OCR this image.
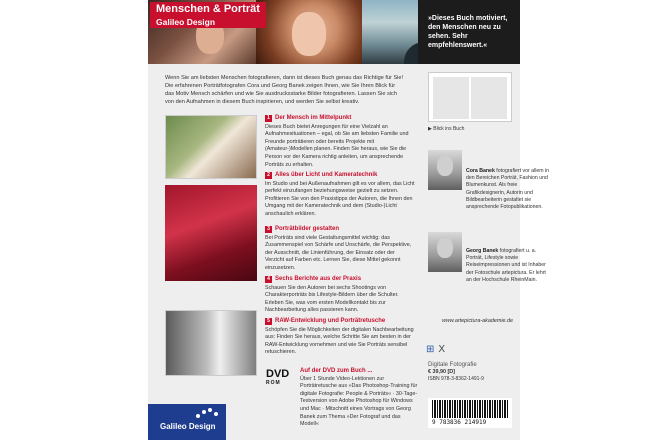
Menschen & Porträt
Galileo Design	»Dieses Buch motiviert, den Menschen neu zu sehen. Sehr empfehlenswert.«	fotoforum
Wenn Sie am liebsten Menschen fotografieren, dann ist dieses Buch genau das Richtige für Sie! Die erfahrenen Porträtfotografen Cora und Georg Banek zeigen Ihnen, wie Sie Ihren Blick für das Motiv Mensch schärfen und wie Sie ausdrucksstarke Bilder fotografieren. Lassen Sie sich von den Aufnahmen in diesem Buch inspirieren, und werden Sie selbst kreativ.
1 Der Mensch im Mittelpunkt
Dieses Buch bietet Anregungen für eine Vielzahl an Aufnahmesituationen – egal, ob Sie am liebsten Familie und Freunde porträtieren oder bereits Projekte mit (Amateur-)Modellen planen. Finden Sie heraus, wie Sie die Person vor der Kamera richtig anleiten, um ansprechende Porträts zu erhalten.
2 Alles über Licht und Kameratechnik
Im Studio und bei Außenaufnahmen gilt es vor allem, das Licht perfekt einzufangen beziehungsweise gezielt zu setzen. Profitieren Sie von den Praxistipps der Autoren, die Ihnen den Umgang mit der Kameratechnik und dem (Studio-)Licht anschaulich erklären.
3 Porträtbilder gestalten
Bei Porträts sind viele Gestaltungsmittel wichtig: das Zusammenspiel von Schärfe und Unschärfe, die Perspektive, der Ausschnitt, die Linienführung, der Einsatz oder der Verzicht auf Farben etc. Lernen Sie, diese Mittel gekonnt einzusetzen.
4 Sechs Berichte aus der Praxis
Schauen Sie den Autoren bei sechs Shootings von Charakterporträts bis Lifestyle-Bildern über die Schulter. Erleben Sie, was vom ersten Modellkontakt bis zur Nachbearbeitung alles passieren kann.
5 RAW-Entwicklung und Porträtretusche
Schöpfen Sie die Möglichkeiten der digitalen Nachbearbeitung aus: Finden Sie heraus, welche Schritte Sie am besten in der RAW-Entwicklung vornehmen und wie Sie Porträts sensibel retuschieren.
DVD
ROM
Auf der DVD zum Buch ...
Über 1 Stunde Video-Lektionen zur Porträtretusche aus »Das Photoshop-Training für digitale Fotografie: People & Porträts« · 30-Tage-Testversion von Adobe Photoshop für Windows und Mac · Mitschnitt eines Vortrags von Georg Banek zum Thema »Der Fotograf und das Modell«
Galileo Design
▶ Blick ins Buch
Cora Banek fotografiert vor allem in den Bereichen Porträt, Fashion und Blumenkunst. Als freie Grafikdesignerin, Autorin und Bildbearbeiterin gestaltet sie ansprechende Fotopublikationen.
Georg Banek fotografiert u. a. Porträt, Lifestyle sowie Reiseimpressionen und ist Inhaber der Fotoschule artepictura. Er lehrt an der Hochschule RheinMain.
www.artepictura-akademie.de
⊞ X
Digitale Fotografie
€ 39,90 [D]
ISBN 978-3-8362-1491-9
9 783836 214919
